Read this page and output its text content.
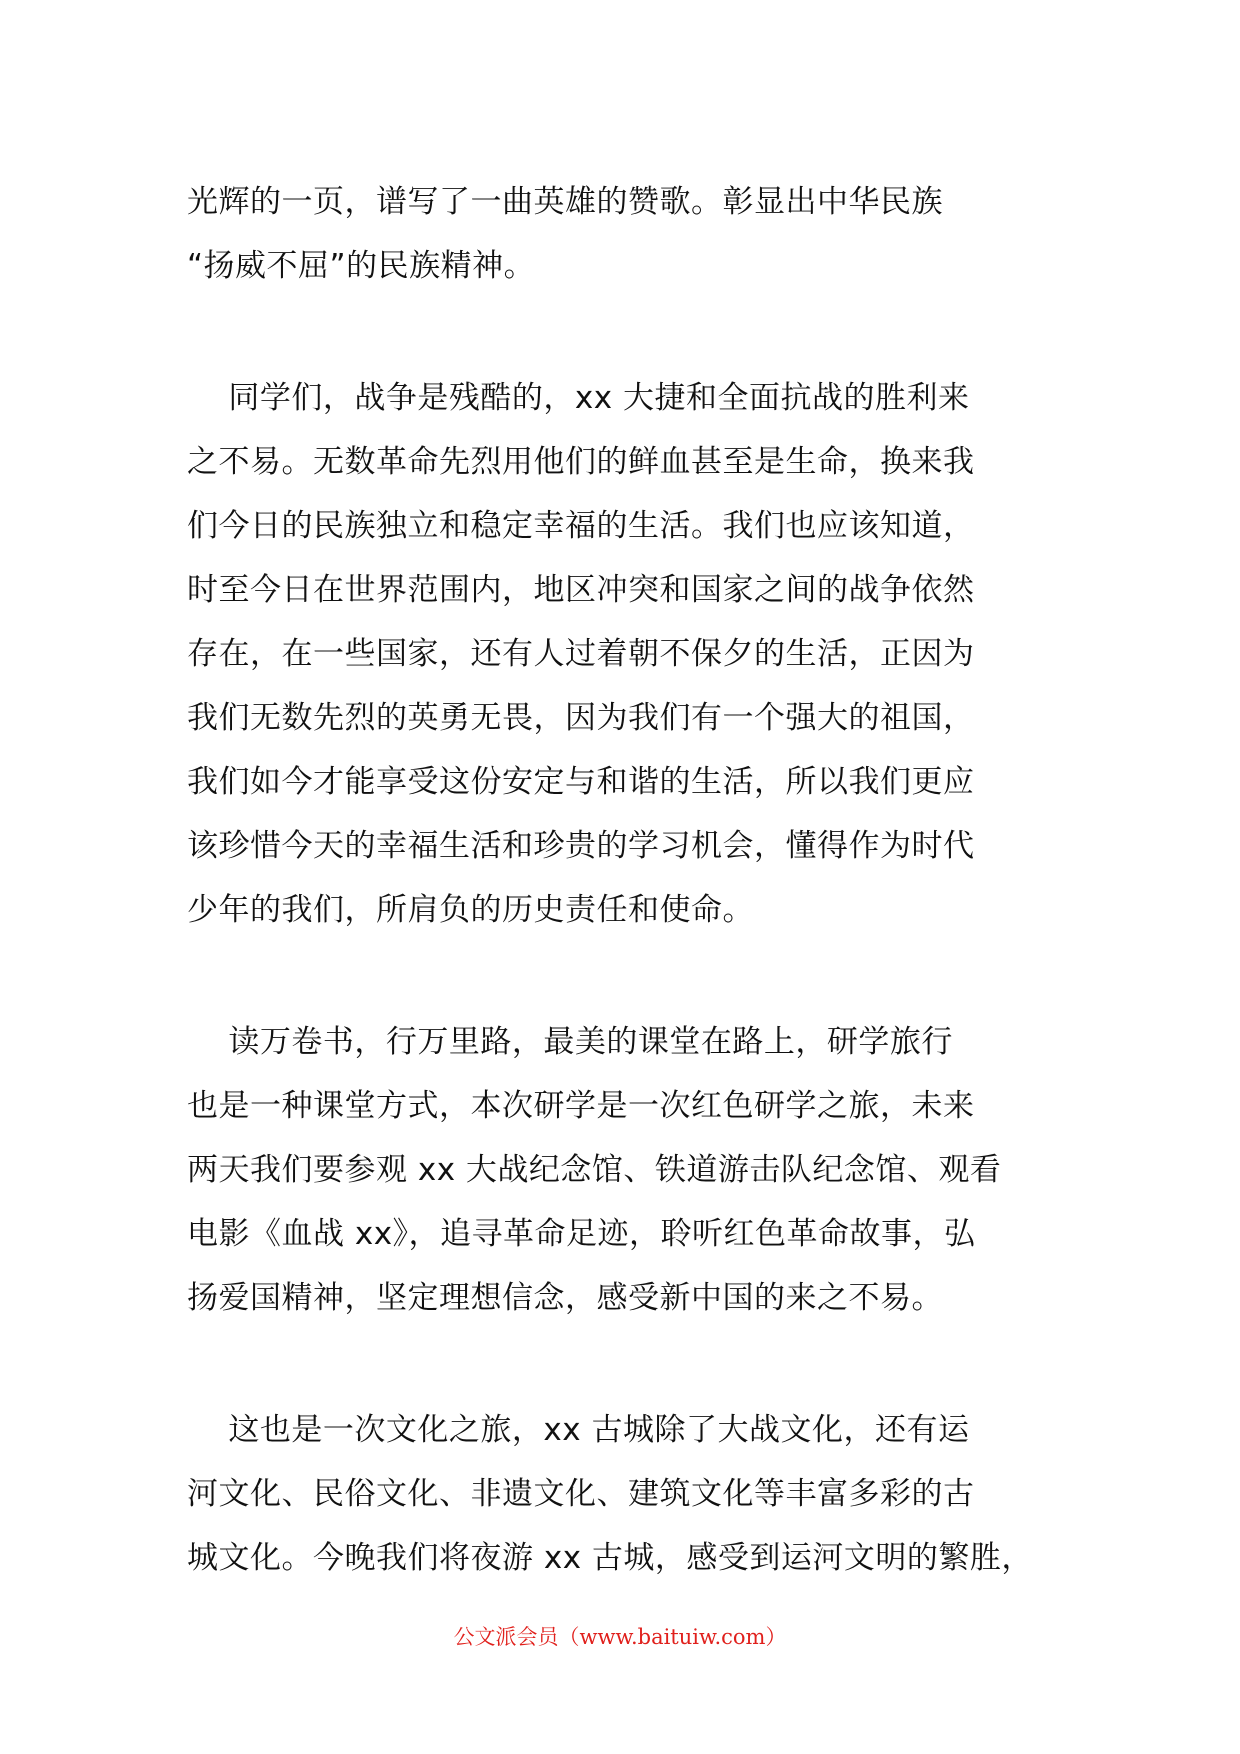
光辉的一页，谱写了一曲英雄的赞歌。彰显出中华民族
“扬威不屈”的民族精神。
同学们，战争是残酷的，xx 大捷和全面抗战的胜利来
之不易。无数革命先烈用他们的鲜血甚至是生命，换来我
们今日的民族独立和稳定幸福的生活。我们也应该知道，
时至今日在世界范围内，地区冲突和国家之间的战争依然
存在，在一些国家，还有人过着朝不保夕的生活，正因为
我们无数先烈的英勇无畏，因为我们有一个强大的祖国，
我们如今才能享受这份安定与和谐的生活，所以我们更应
该珍惜今天的幸福生活和珍贵的学习机会，懂得作为时代
少年的我们，所肩负的历史责任和使命。
读万卷书，行万里路，最美的课堂在路上，研学旅行
也是一种课堂方式，本次研学是一次红色研学之旅，未来
两天我们要参观 xx 大战纪念馆、铁道游击队纪念馆、观看
电影《血战 xx》，追寻革命足迹，聆听红色革命故事，弘
扬爱国精神，坚定理想信念，感受新中国的来之不易。
这也是一次文化之旅，xx 古城除了大战文化，还有运
河文化、民俗文化、非遗文化、建筑文化等丰富多彩的古
城文化。今晚我们将夜游 xx 古城，感受到运河文明的繁胜，
公文派会员（www.baituiw.com）
